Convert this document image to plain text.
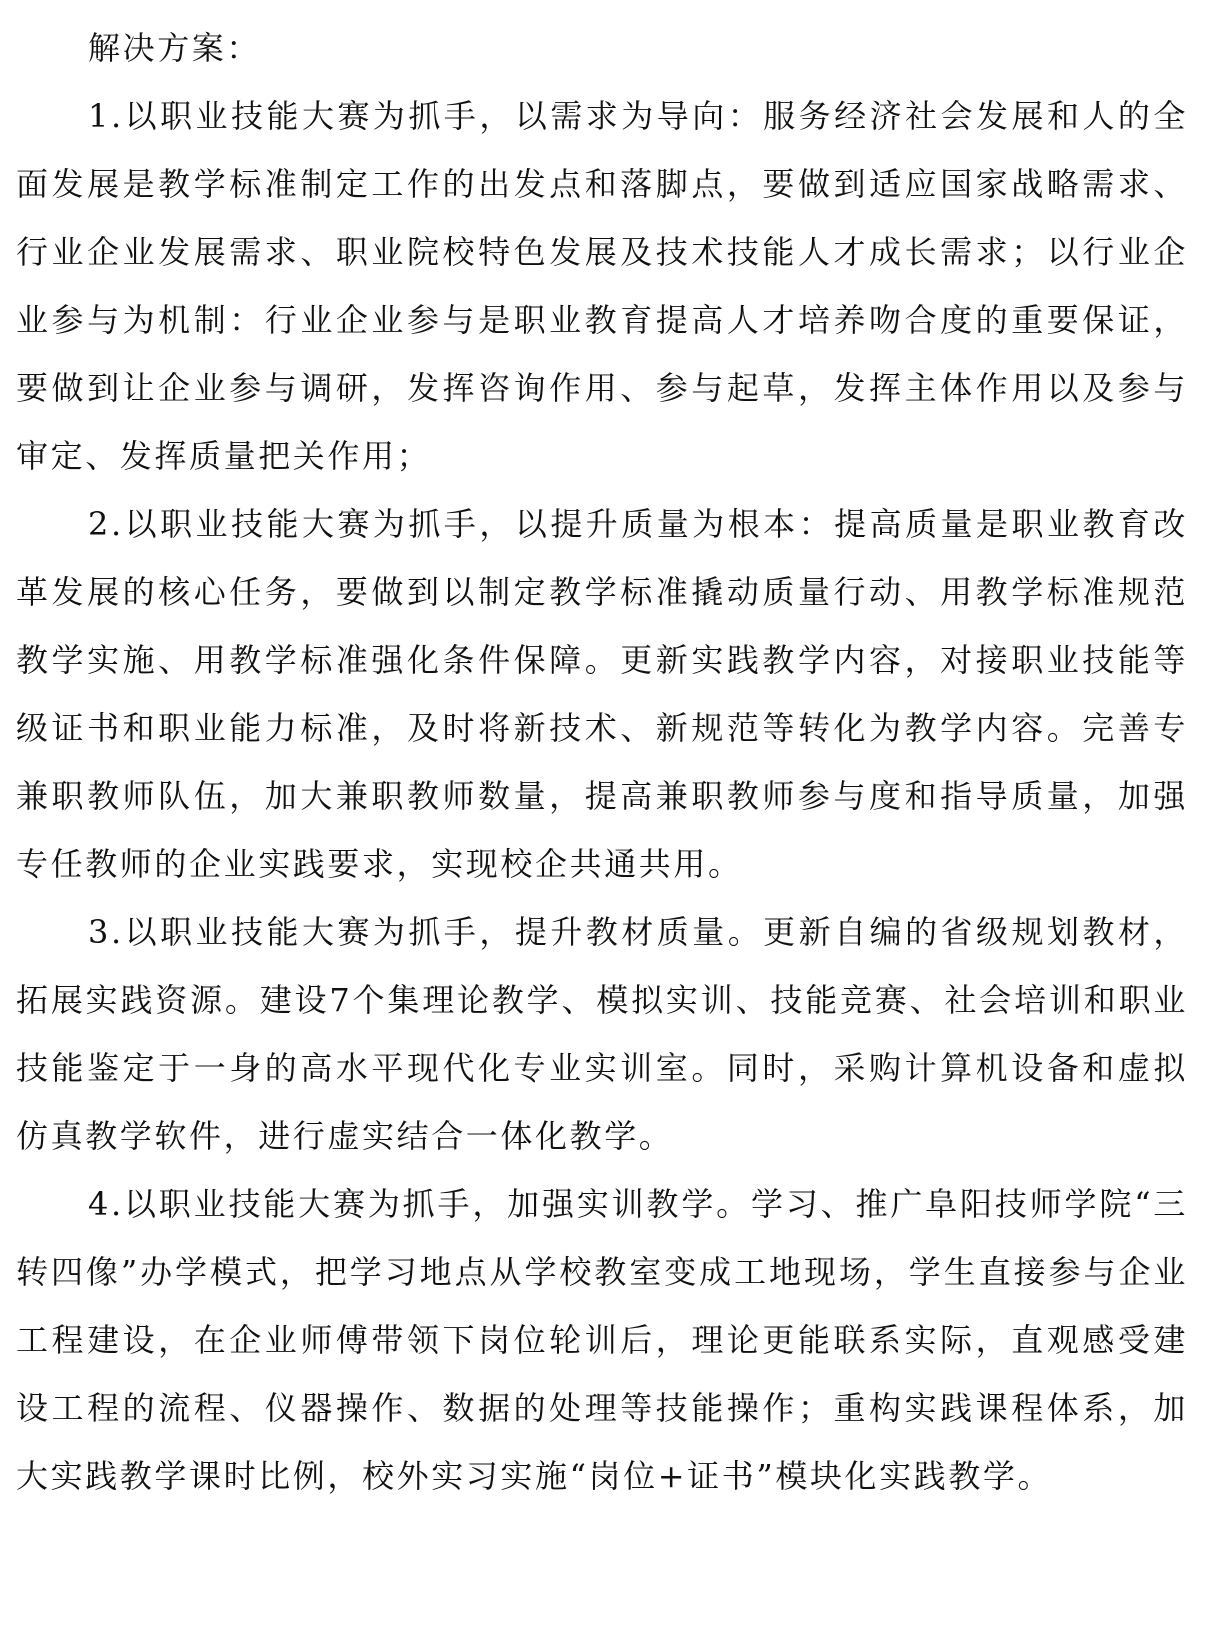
解决方案：

1.以职业技能大赛为抓手，以需求为导向：服务经济社会发展和人的全面发展是教学标准制定工作的出发点和落脚点，要做到适应国家战略需求、行业企业发展需求、职业院校特色发展及技术技能人才成长需求；以行业企业参与为机制：行业企业参与是职业教育提高人才培养吻合度的重要保证，要做到让企业参与调研，发挥咨询作用、参与起草，发挥主体作用以及参与审定、发挥质量把关作用；

2.以职业技能大赛为抓手，以提升质量为根本：提高质量是职业教育改革发展的核心任务，要做到以制定教学标准撬动质量行动、用教学标准规范教学实施、用教学标准强化条件保障。更新实践教学内容，对接职业技能等级证书和职业能力标准，及时将新技术、新规范等转化为教学内容。完善专兼职教师队伍，加大兼职教师数量，提高兼职教师参与度和指导质量，加强专任教师的企业实践要求，实现校企共通共用。

3.以职业技能大赛为抓手，提升教材质量。更新自编的省级规划教材，拓展实践资源。建设7个集理论教学、模拟实训、技能竞赛、社会培训和职业技能鉴定于一身的高水平现代化专业实训室。同时，采购计算机设备和虚拟仿真教学软件，进行虚实结合一体化教学。

4.以职业技能大赛为抓手，加强实训教学。学习、推广阜阳技师学院“三转四像”办学模式，把学习地点从学校教室变成工地现场，学生直接参与企业工程建设，在企业师傅带领下岗位轮训后，理论更能联系实际，直观感受建设工程的流程、仪器操作、数据的处理等技能操作；重构实践课程体系，加大实践教学课时比例，校外实习实施“岗位+证书”模块化实践教学。
